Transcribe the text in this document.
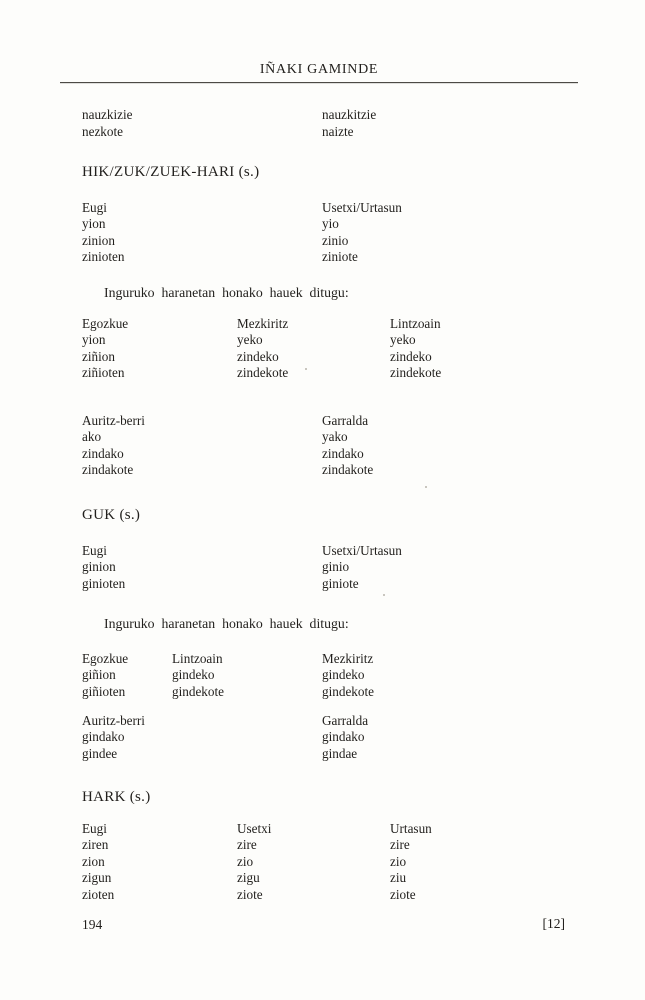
IÑAKI GAMINDE
nauzkizie
nezkote
nauzkitzie
naizte
HIK/ZUK/ZUEK-HARI (s.)
Eugi
yion
zinion
zinioten
Usetxi/Urtasun
yio
zinio
ziniote
Inguruko haranetan honako hauek ditugu:
Egozkue
yion
ziñion
ziñioten
Mezkiritz
yeko
zindeko
zindekote
Lintzoain
yeko
zindeko
zindekote
Auritz-berri
ako
zindako
zindakote
Garralda
yako
zindako
zindakote
GUK (s.)
Eugi
ginion
ginioten
Usetxi/Urtasun
ginio
giniote
Inguruko haranetan honako hauek ditugu:
Egozkue
giñion
giñioten
Lintzoain
gindeko
gindekote
Mezkiritz
gindeko
gindekote
Auritz-berri
gindako
gindee
Garralda
gindako
gindae
HARK (s.)
Eugi
ziren
zion
zigun
zioten
Usetxi
zire
zio
zigu
ziote
Urtasun
zire
zio
ziu
ziote
194	[12]
